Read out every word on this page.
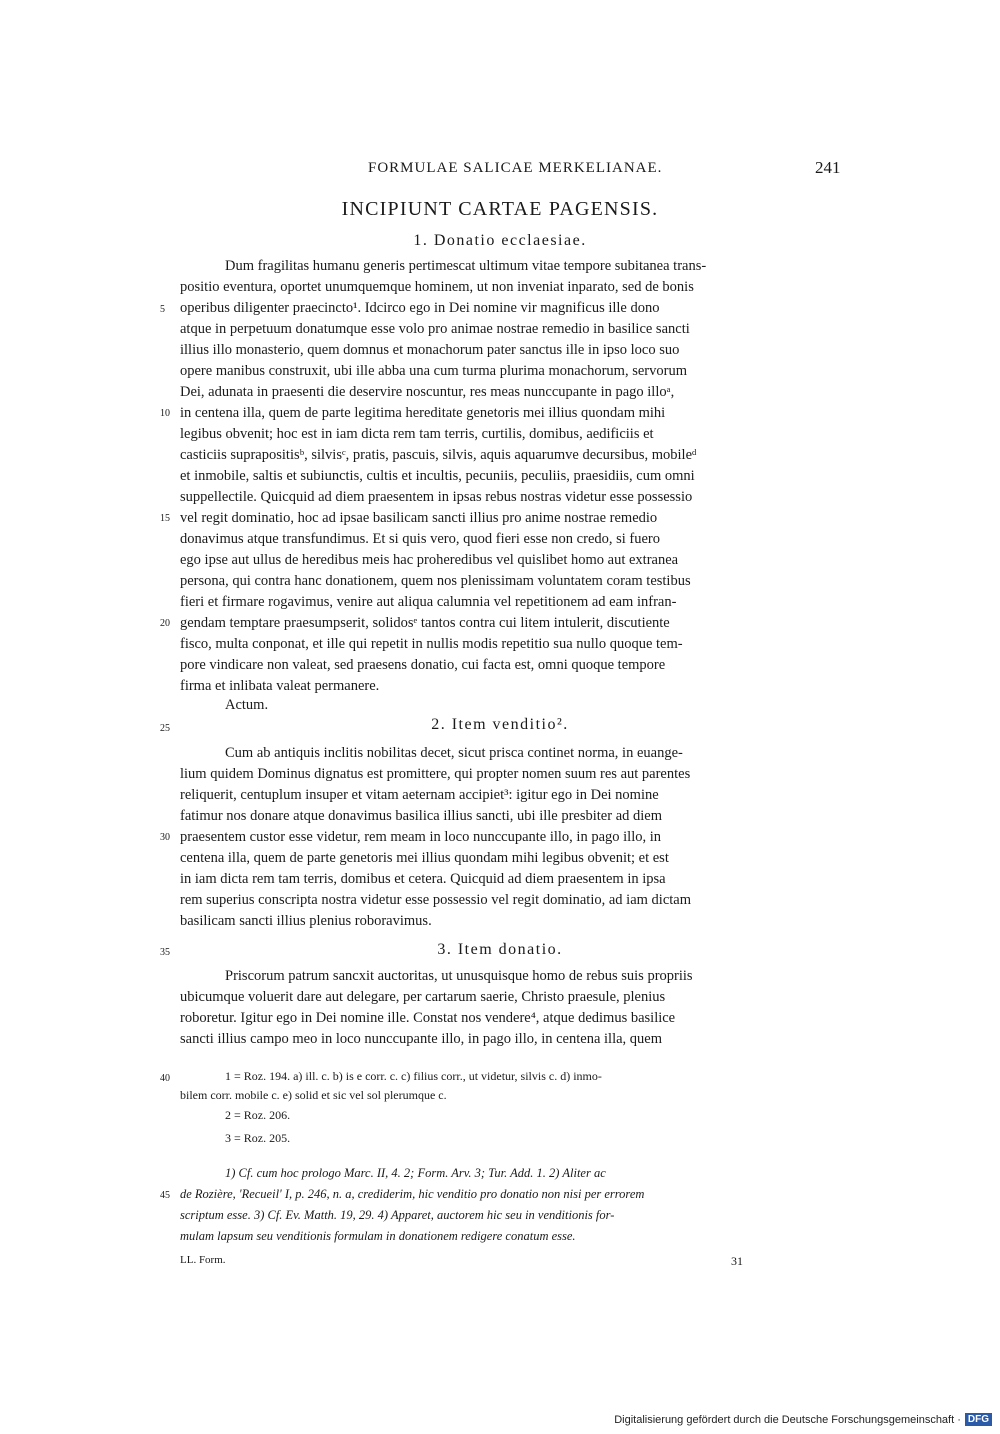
FORMULAE SALICAE MERKELIANAE.	241
INCIPIUNT CARTAE PAGENSIS.
1. Donatio ecclaesiae.
Dum fragilitas humanu generis pertimescat ultimum vitae tempore subitanea trans-
positio eventura, oportet unumquemque hominem, ut non inveniat inparato, sed de bonis
operibus diligenter praecincto¹. Idcirco ego in Dei nomine vir magnificus ille dono
atque in perpetuum donatumque esse volo pro animae nostrae remedio in basilice sancti
illius illo monasterio, quem domnus et monachorum pater sanctus ille in ipso loco suo
opere manibus construxit, ubi ille abba una cum turma plurima monachorum, servorum
Dei, adunata in praesenti die deservire noscuntur, res meas nunccupante in pago illoᵃ,
in centena illa, quem de parte legitima hereditate genetoris mei illius quondam mihi
legibus obvenit; hoc est in iam dicta rem tam terris, curtilis, domibus, aedificiis et
casticiis suprapositisᵇ, silvisᶜ, pratis, pascuis, silvis, aquis aquarumve decursibus, mobileᵈ
et inmobile, saltis et subiunctis, cultis et incultis, pecuniis, peculiis, praesidiis, cum omni
suppellectile. Quicquid ad diem praesentem in ipsas rebus nostras videtur esse possessio
vel regit dominatio, hoc ad ipsae basilicam sancti illius pro anime nostrae remedio
donavimus atque transfundimus. Et si quis vero, quod fieri esse non credo, si fuero
ego ipse aut ullus de heredibus meis hac proheredibus vel quislibet homo aut extranea
persona, qui contra hanc donationem, quem nos plenissimam voluntatem coram testibus
fieri et firmare rogavimus, venire aut aliqua calumnia vel repetitionem ad eam infran-
gendam temptare praesumpserit, solidosᵉ tantos contra cui litem intulerit, discutiente
fisco, multa conponat, et ille qui repetit in nullis modis repetitio sua nullo quoque tem-
pore vindicare non valeat, sed praesens donatio, cui facta est, omni quoque tempore
firma et inlibata valeat permanere.
Actum.
2. Item venditio².
Cum ab antiquis inclitis nobilitas decet, sicut prisca continet norma, in euange-
lium quidem Dominus dignatus est promittere, qui propter nomen suum res aut parentes
reliquerit, centuplum insuper et vitam aeternam accipiet³: igitur ego in Dei nomine
fatimur nos donare atque donavimus basilica illius sancti, ubi ille presbiter ad diem
praesentem custor esse videtur, rem meam in loco nunccupante illo, in pago illo, in
centena illa, quem de parte genetoris mei illius quondam mihi legibus obvenit; et est
in iam dicta rem tam terris, domibus et cetera. Quicquid ad diem praesentem in ipsa
rem superius conscripta nostra videtur esse possessio vel regit dominatio, ad iam dictam
basilicam sancti illius plenius roboravimus.
3. Item donatio.
Priscorum patrum sancxit auctoritas, ut unusquisque homo de rebus suis propriis
ubicumque voluerit dare aut delegare, per cartarum saerie, Christo praesule, plenius
roboretur. Igitur ego in Dei nomine ille. Constat nos vendere⁴, atque dedimus basilice
sancti illius campo meo in loco nunccupante illo, in pago illo, in centena illa, quem
5
10
15
20
25
30
35
40
45
1 = Roz. 194. a) ill. c. b) is e corr. c. c) filius corr., ut videtur, silvis c. d) inmo-
bilem corr. mobile c. e) solid et sic vel sol plerumque c.
2 = Roz. 206.
3 = Roz. 205.
1) Cf. cum hoc prologo Marc. II, 4. 2; Form. Arv. 3; Tur. Add. 1. 2) Aliter ac
de Rozière, 'Recueil' I, p. 246, n. a, crediderim, hic venditio pro donatio non nisi per errorem
scriptum esse. 3) Cf. Ev. Matth. 19, 29. 4) Apparet, auctorem hic seu in venditionis for-
mulam lapsum seu venditionis formulam in donationem redigere conatum esse.
LL. Form.	31
Digitalisierung gefördert durch die Deutsche Forschungsgemeinschaft · DFG
